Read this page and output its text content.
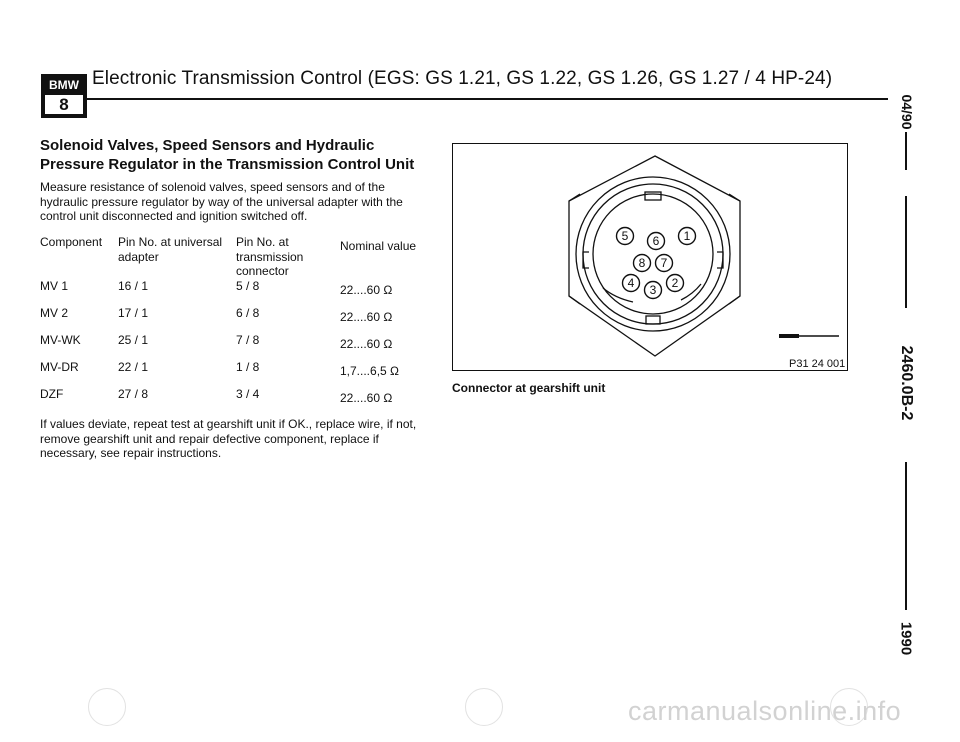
BMW
8
Electronic Transmission Control (EGS: GS 1.21, GS 1.22, GS 1.26, GS 1.27 / 4 HP-24)
Solenoid Valves, Speed Sensors and Hydraulic Pressure Regulator in the Transmission Control Unit
Measure resistance of solenoid valves, speed sensors and of the hydraulic pressure regulator by way of the universal adapter with the control unit disconnected and ignition switched off.
Component	Pin No. at universal adapter	Pin No. at transmission connector	Nominal value
MV 1	16 / 1	5 / 8	22....60 Ω
MV 2	17 / 1	6 / 8	22....60 Ω
MV-WK	25 / 1	7 / 8	22....60 Ω
MV-DR	22 / 1	1 / 8	1,7....6,5 Ω
DZF	27 / 8	3 / 4	22....60 Ω
If values deviate, repeat test at gearshift unit if OK., replace wire, if not, remove gearshift unit and repair defective component, replace if necessary, see repair instructions.
5 6 1
8 7
4 3 2
P31 24 001
Connector at gearshift unit
04/90
2460.0B-2
1990
carmanualsonline.info
